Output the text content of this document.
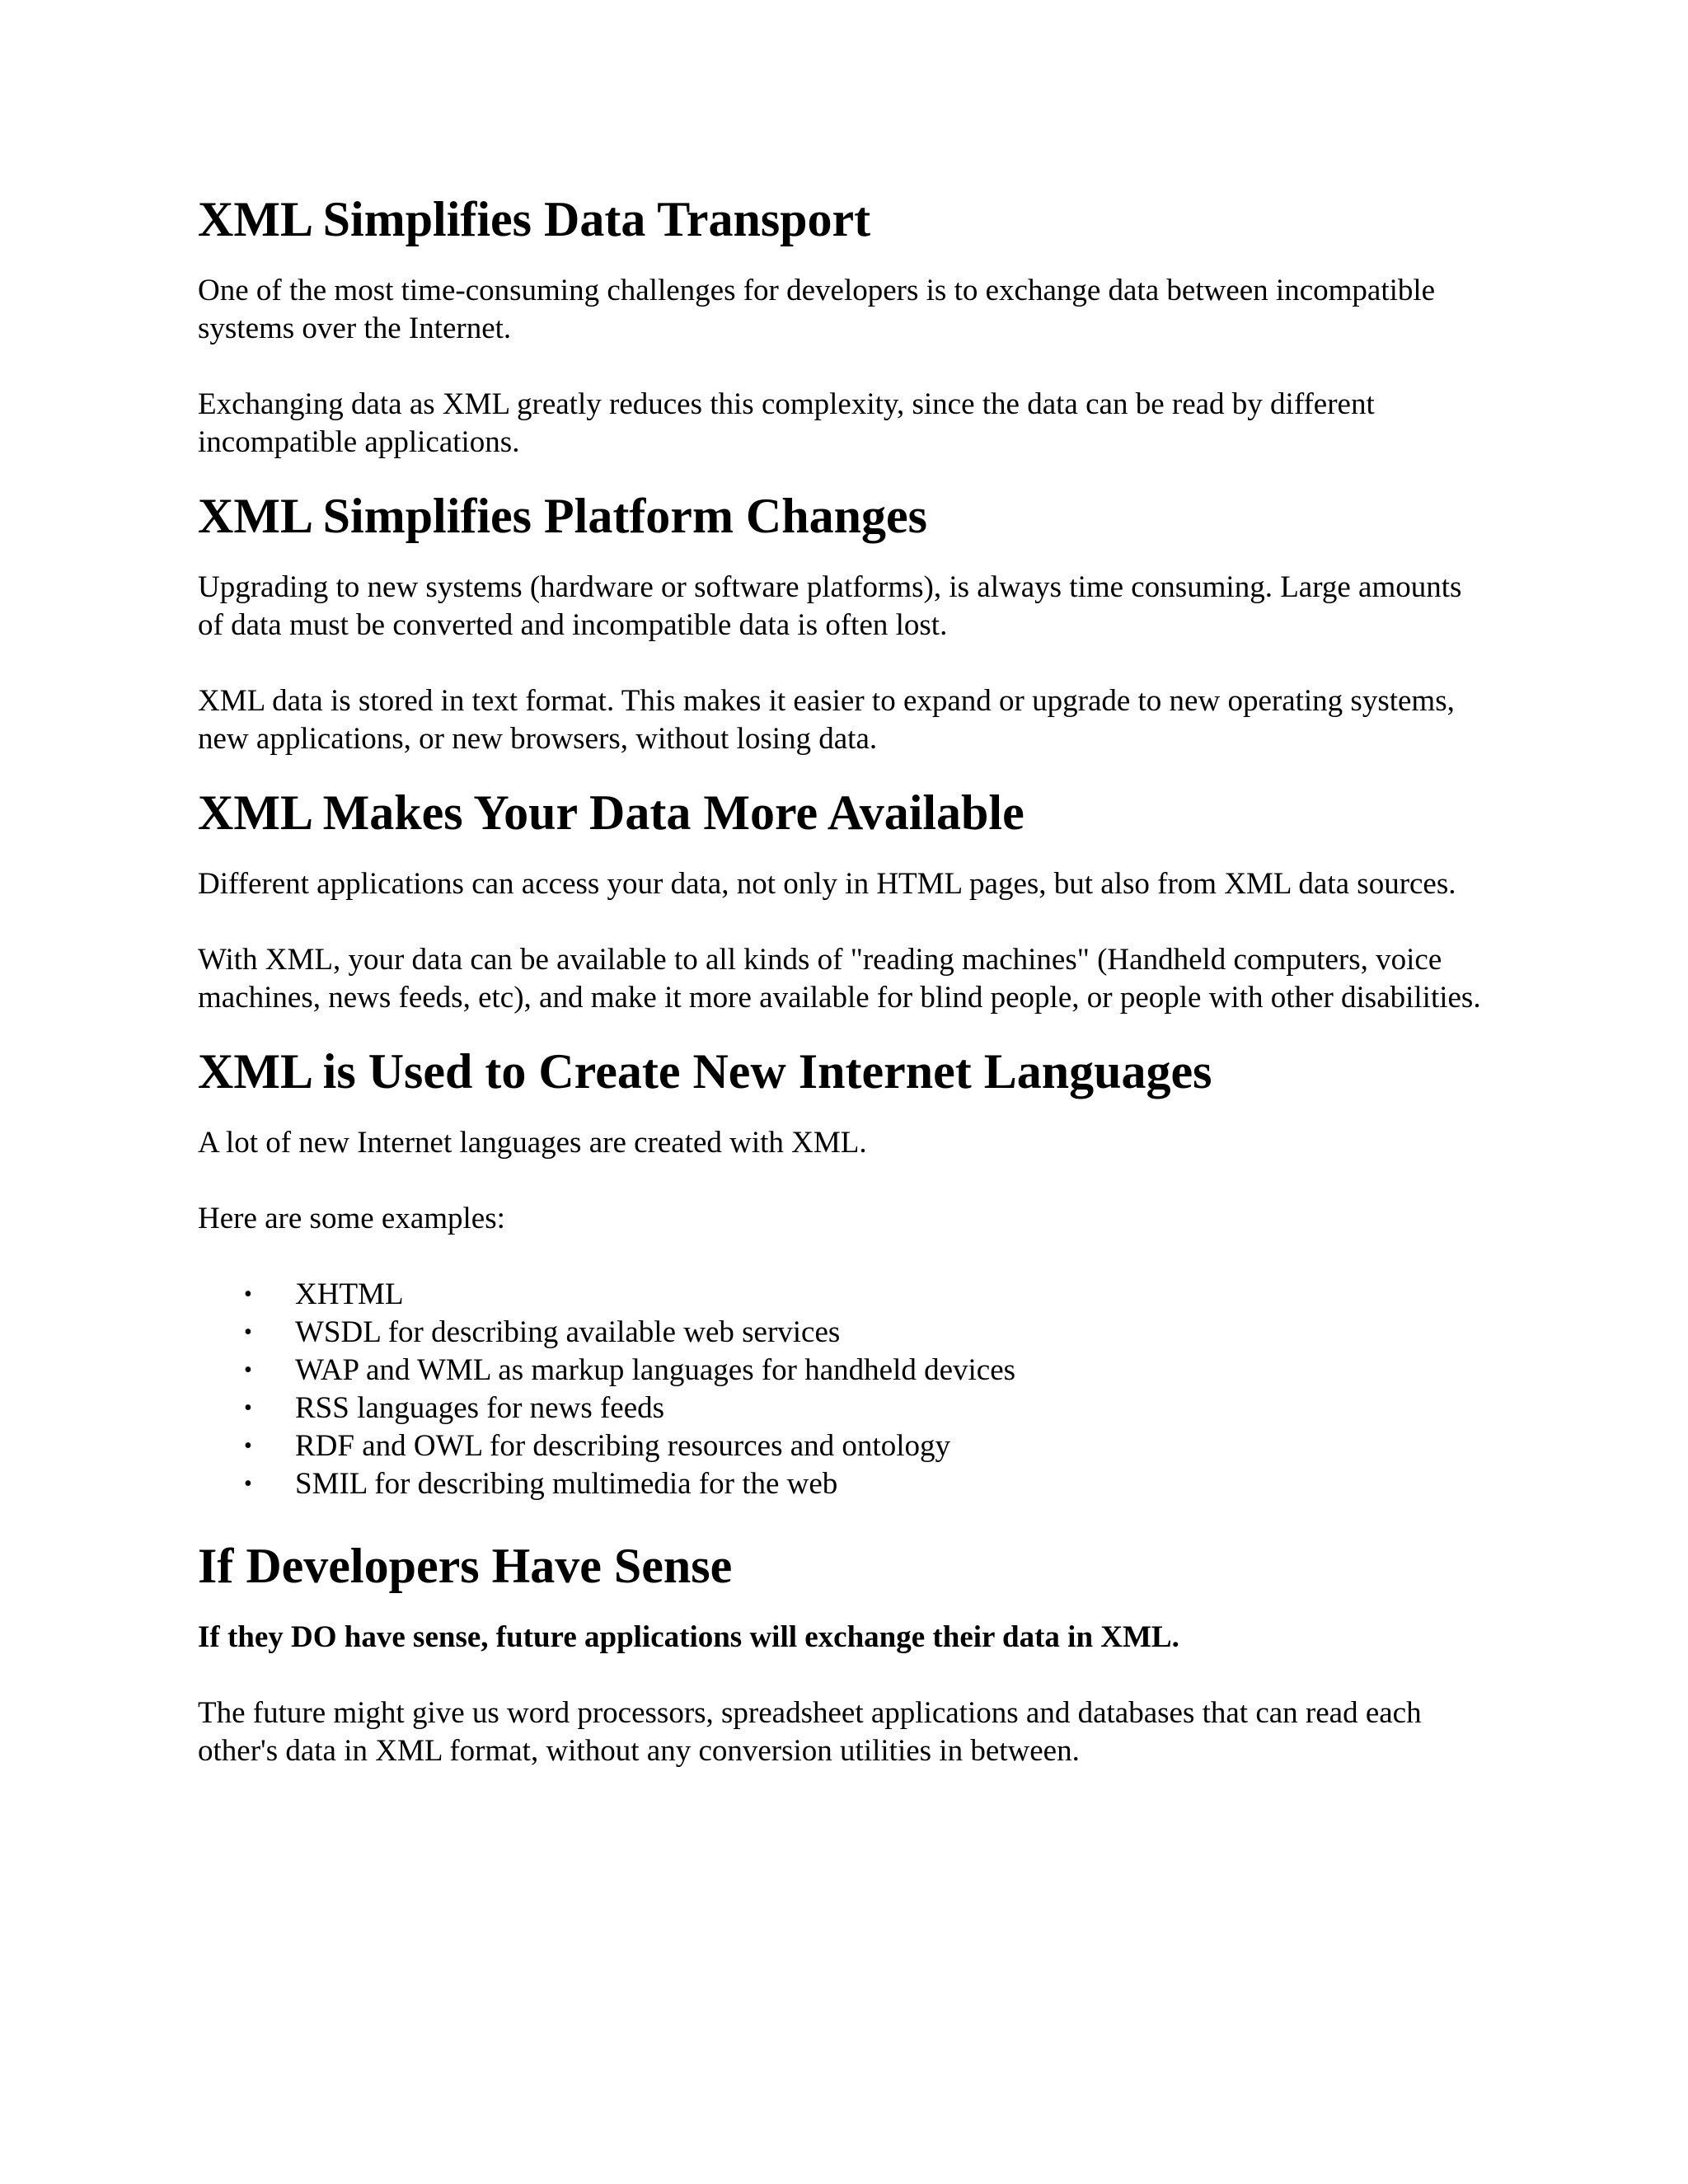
XML Simplifies Data Transport

One of the most time-consuming challenges for developers is to exchange data between incompatible systems over the Internet.

Exchanging data as XML greatly reduces this complexity, since the data can be read by different incompatible applications.

XML Simplifies Platform Changes

Upgrading to new systems (hardware or software platforms), is always time consuming. Large amounts of data must be converted and incompatible data is often lost.

XML data is stored in text format. This makes it easier to expand or upgrade to new operating systems, new applications, or new browsers, without losing data.

XML Makes Your Data More Available

Different applications can access your data, not only in HTML pages, but also from XML data sources.

With XML, your data can be available to all kinds of "reading machines" (Handheld computers, voice machines, news feeds, etc), and make it more available for blind people, or people with other disabilities.

XML is Used to Create New Internet Languages

A lot of new Internet languages are created with XML.

Here are some examples:

• XHTML
• WSDL for describing available web services
• WAP and WML as markup languages for handheld devices
• RSS languages for news feeds
• RDF and OWL for describing resources and ontology
• SMIL for describing multimedia for the web
If Developers Have Sense

If they DO have sense, future applications will exchange their data in XML.

The future might give us word processors, spreadsheet applications and databases that can read each other's data in XML format, without any conversion utilities in between.
